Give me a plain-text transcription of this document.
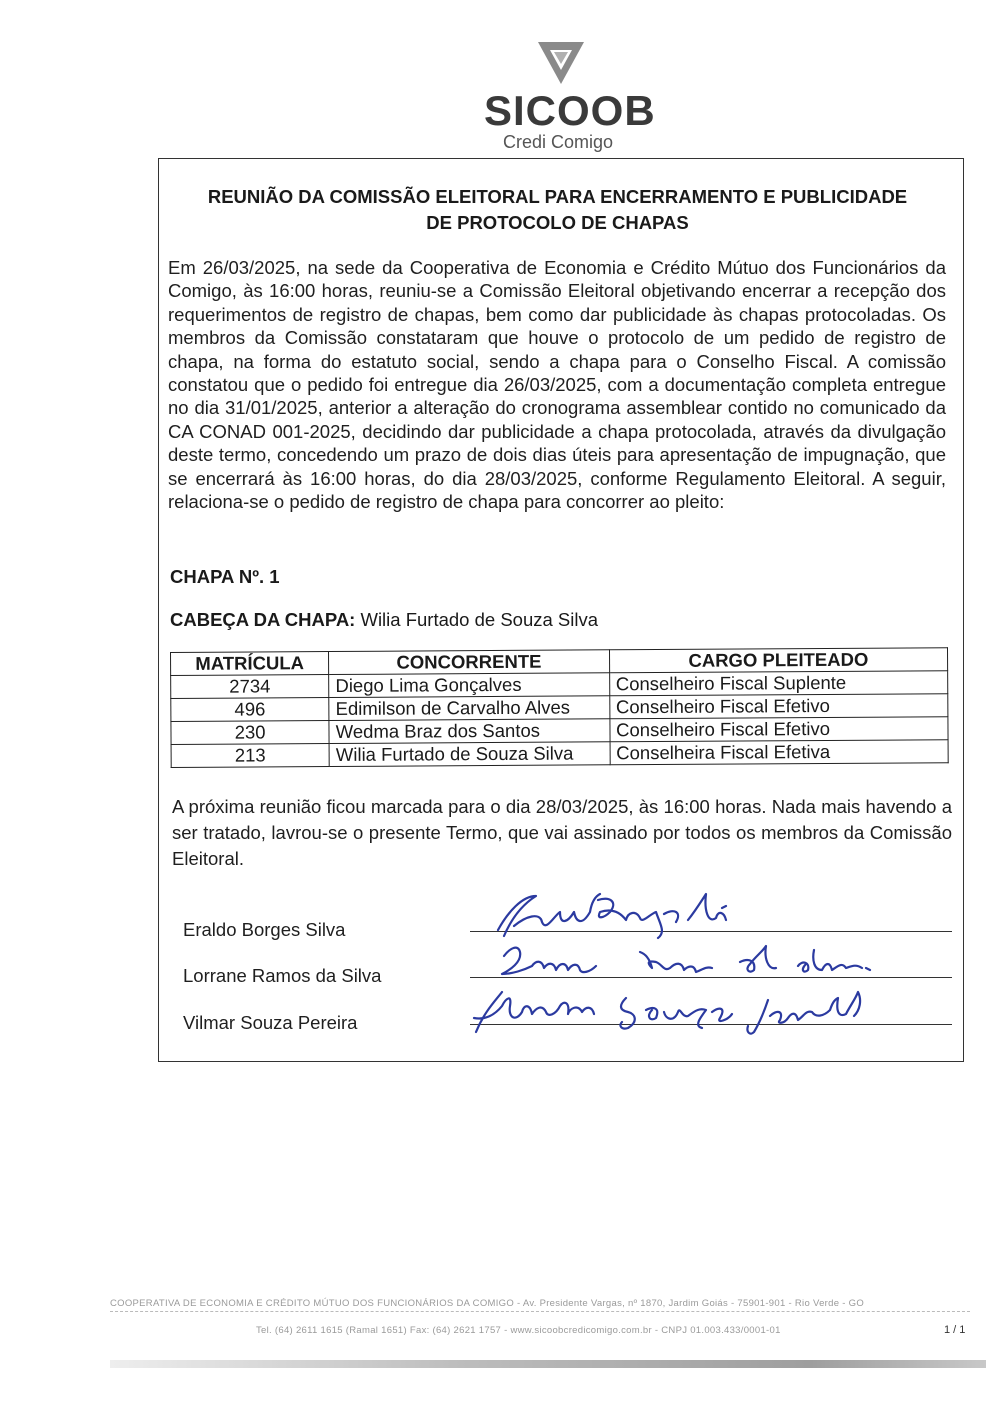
SICOOB
Credi Comigo
REUNIÃO DA COMISSÃO ELEITORAL PARA ENCERRAMENTO E PUBLICIDADE
DE PROTOCOLO DE CHAPAS
Em 26/03/2025, na sede da Cooperativa de Economia e Crédito Mútuo dos Funcionários da Comigo, às 16:00 horas, reuniu-se a Comissão Eleitoral objetivando encerrar a recepção dos requerimentos de registro de chapas, bem como dar publicidade às chapas protocoladas. Os membros da Comissão constataram que houve o protocolo de um pedido de registro de chapa, na forma do estatuto social, sendo a chapa para o Conselho Fiscal. A comissão constatou que o pedido foi entregue dia 26/03/2025, com a documentação completa entregue no dia 31/01/2025, anterior a alteração do cronograma assemblear contido no comunicado da CA CONAD 001-2025, decidindo dar publicidade a chapa protocolada, através da divulgação deste termo, concedendo um prazo de dois dias úteis para apresentação de impugnação, que se encerrará às 16:00 horas, do dia 28/03/2025, conforme Regulamento Eleitoral. A seguir, relaciona-se o pedido de registro de chapa para concorrer ao pleito:
CHAPA Nº. 1
CABEÇA DA CHAPA: Wilia Furtado de Souza Silva
MATRÍCULA	CONCORRENTE	CARGO PLEITEADO
2734	Diego Lima Gonçalves	Conselheiro Fiscal Suplente
496	Edimilson de Carvalho Alves	Conselheiro Fiscal Efetivo
230	Wedma Braz dos Santos	Conselheiro Fiscal Efetivo
213	Wilia Furtado de Souza Silva	Conselheira Fiscal Efetiva
A próxima reunião ficou marcada para o dia 28/03/2025, às 16:00 horas. Nada mais havendo a ser tratado, lavrou-se o presente Termo, que vai assinado por todos os membros da Comissão Eleitoral.
Eraldo Borges Silva
Lorrane Ramos da Silva
Vilmar Souza Pereira
COOPERATIVA DE ECONOMIA E CRÉDITO MÚTUO DOS FUNCIONÁRIOS DA COMIGO - Av. Presidente Vargas, nº 1870, Jardim Goiás - 75901-901 - Rio Verde - GO
Tel. (64) 2611 1615 (Ramal 1651) Fax: (64) 2621 1757 - www.sicoobcredicomigo.com.br - CNPJ 01.003.433/0001-01	1 / 1
